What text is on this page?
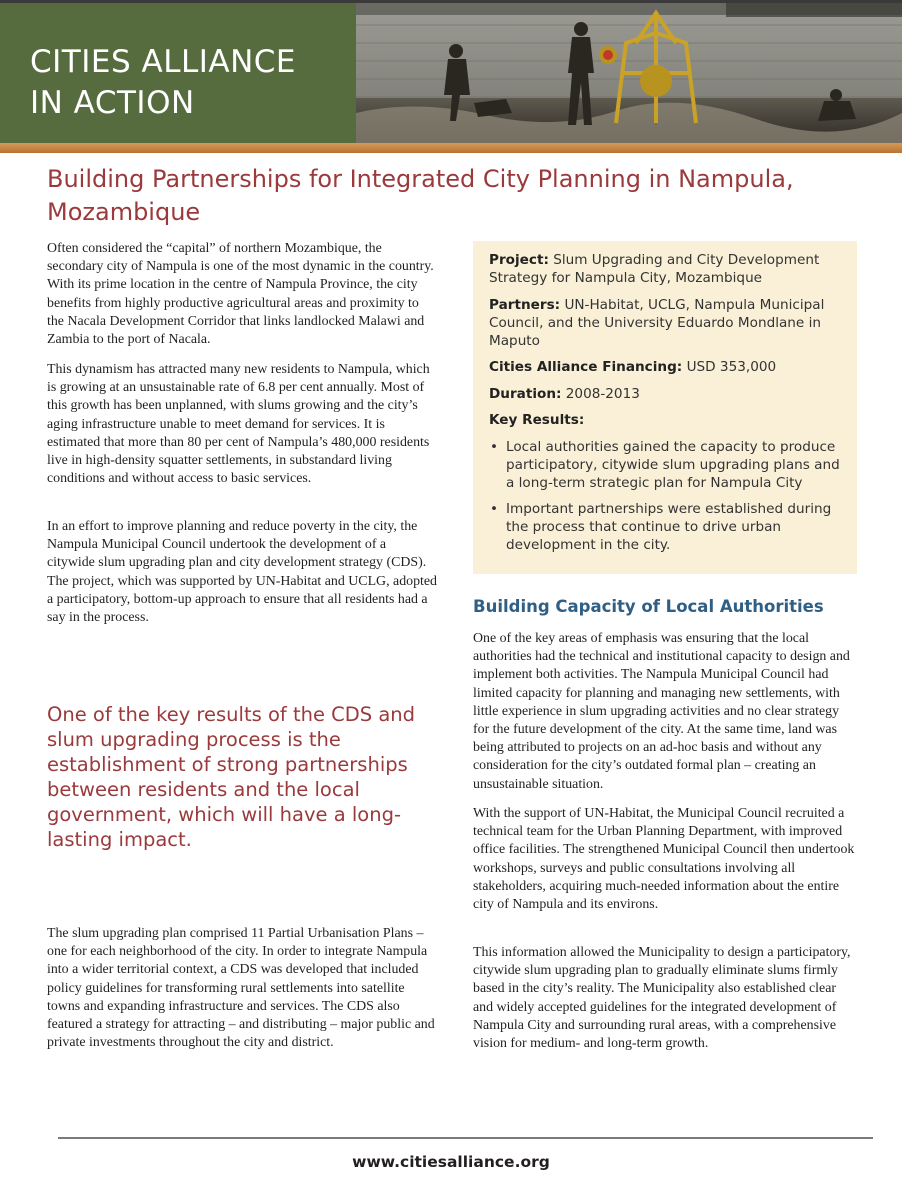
CITIES ALLIANCE
IN ACTION
Building Partnerships for Integrated City Planning in Nampula, Mozambique

Often considered the “capital” of northern Mozambique, the secondary city of Nampula is one of the most dynamic in the country. With its prime location in the centre of Nampula Province, the city benefits from highly productive agricultural areas and proximity to the Nacala Development Corridor that links landlocked Malawi and Zambia to the port of Nacala.

This dynamism has attracted many new residents to Nampula, which is growing at an unsustainable rate of 6.8 per cent annually. Most of this growth has been unplanned, with slums growing and the city’s aging infrastructure unable to meet demand for services. It is estimated that more than 80 per cent of Nampula’s 480,000 residents live in high-density squatter settlements, in substandard living conditions and without access to basic services.

In an effort to improve planning and reduce poverty in the city, the Nampula Municipal Council undertook the development of a citywide slum upgrading plan and city development strategy (CDS). The project, which was supported by UN-Habitat and UCLG, adopted a participatory, bottom-up approach to ensure that all residents had a say in the process.

One of the key results of the CDS and slum upgrading process is the establishment of strong partnerships between residents and the local government, which will have a long-lasting impact.

The slum upgrading plan comprised 11 Partial Urbanisation Plans – one for each neighborhood of the city. In order to integrate Nampula into a wider territorial context, a CDS was developed that included policy guidelines for transforming rural settlements into satellite towns and expanding infrastructure and services. The CDS also featured a strategy for attracting – and distributing – major public and private investments throughout the city and district.

Project: Slum Upgrading and City Development Strategy for Nampula City, Mozambique
Partners: UN-Habitat, UCLG, Nampula Municipal Council, and the University Eduardo Mondlane in Maputo
Cities Alliance Financing: USD 353,000
Duration: 2008-2013
Key Results:
• Local authorities gained the capacity to produce participatory, citywide slum upgrading plans and a long-term strategic plan for Nampula City
• Important partnerships were established during the process that continue to drive urban development in the city.
Building Capacity of Local Authorities

One of the key areas of emphasis was ensuring that the local authorities had the technical and institutional capacity to design and implement both activities. The Nampula Municipal Council had limited capacity for planning and managing new settlements, with little experience in slum upgrading activities and no clear strategy for the future development of the city. At the same time, land was being attributed to projects on an ad-hoc basis and without any consideration for the city’s outdated formal plan – creating an unsustainable situation.

With the support of UN-Habitat, the Municipal Council recruited a technical team for the Urban Planning Department, with improved office facilities. The strengthened Municipal Council then undertook workshops, surveys and public consultations involving all stakeholders, acquiring much-needed information about the entire city of Nampula and its environs.

This information allowed the Municipality to design a participatory, citywide slum upgrading plan to gradually eliminate slums firmly based in the city’s reality. The Municipality also established clear and widely accepted guidelines for the integrated development of Nampula City and surrounding rural areas, with a comprehensive vision for medium- and long-term growth.

www.citiesalliance.org
